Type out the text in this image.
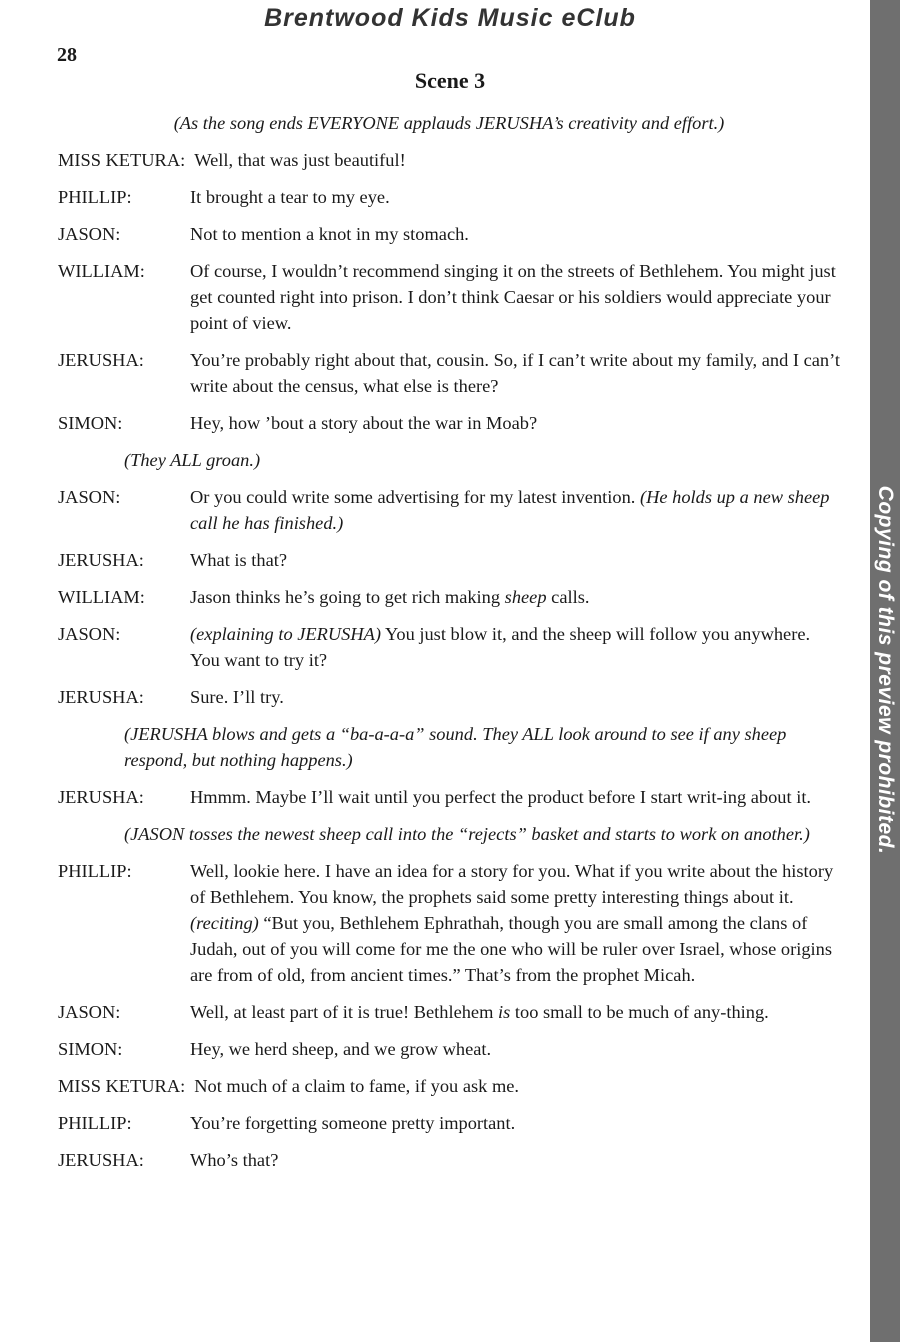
Brentwood Kids Music eClub
Copying of this preview prohibited.
28
Scene 3
(As the song ends EVERYONE applauds JERUSHA’s creativity and effort.)
MISS KETURA: Well, that was just beautiful!
PHILLIP:	It brought a tear to my eye.
JASON:	Not to mention a knot in my stomach.
WILLIAM:	Of course, I wouldn’t recommend singing it on the streets of Bethlehem. You might just get counted right into prison. I don’t think Caesar or his soldiers would appreciate your point of view.
JERUSHA:	You’re probably right about that, cousin. So, if I can’t write about my family, and I can’t write about the census, what else is there?
SIMON:	Hey, how ’bout a story about the war in Moab?
(They ALL groan.)
JASON:	Or you could write some advertising for my latest invention. (He holds up a new sheep call he has finished.)
JERUSHA:	What is that?
WILLIAM:	Jason thinks he’s going to get rich making sheep calls.
JASON:	(explaining to JERUSHA) You just blow it, and the sheep will follow you anywhere. You want to try it?
JERUSHA:	Sure. I’ll try.
(JERUSHA blows and gets a “ba-a-a-a” sound. They ALL look around to see if any sheep respond, but nothing happens.)
JERUSHA:	Hmmm. Maybe I’ll wait until you perfect the product before I start writ-ing about it.
(JASON tosses the newest sheep call into the “rejects” basket and starts to work on another.)
PHILLIP:	Well, lookie here. I have an idea for a story for you. What if you write about the history of Bethlehem. You know, the prophets said some pretty interesting things about it. (reciting) “But you, Bethlehem Ephrathah, though you are small among the clans of Judah, out of you will come for me the one who will be ruler over Israel, whose origins are from of old, from ancient times.” That’s from the prophet Micah.
JASON:	Well, at least part of it is true! Bethlehem is too small to be much of any-thing.
SIMON:	Hey, we herd sheep, and we grow wheat.
MISS KETURA: Not much of a claim to fame, if you ask me.
PHILLIP:	You’re forgetting someone pretty important.
JERUSHA:	Who’s that?
